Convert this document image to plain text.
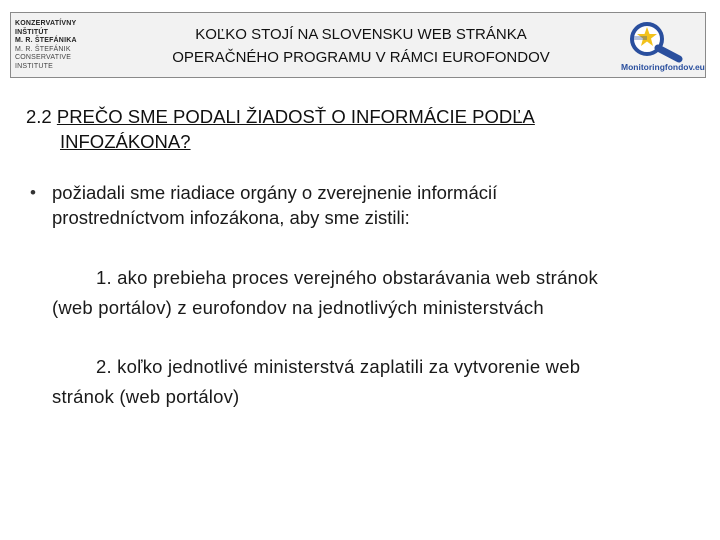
KONZERVATÍVNY
INŠTITÚT
M. R. ŠTEFÁNIKA
M. R. ŠTEFÁNIK
CONSERVATIVE
INSTITUTE
KOĽKO STOJÍ NA SLOVENSKU WEB STRÁNKA
OPERAČNÉHO PROGRAMU V RÁMCI EUROFONDOV
Monitoringfondov.eu
2.2 PREČO SME PODALI ŽIADOSŤ O INFORMÁCIE PODĽA
INFOZÁKONA?
• požiadali sme riadiace orgány o zverejnenie informácií
prostredníctvom infozákona, aby sme zistili:
1. ako prebieha proces verejného obstarávania web stránok
(web portálov) z eurofondov na jednotlivých ministerstvách
2. koľko jednotlivé ministerstvá zaplatili za vytvorenie web
stránok (web portálov)
